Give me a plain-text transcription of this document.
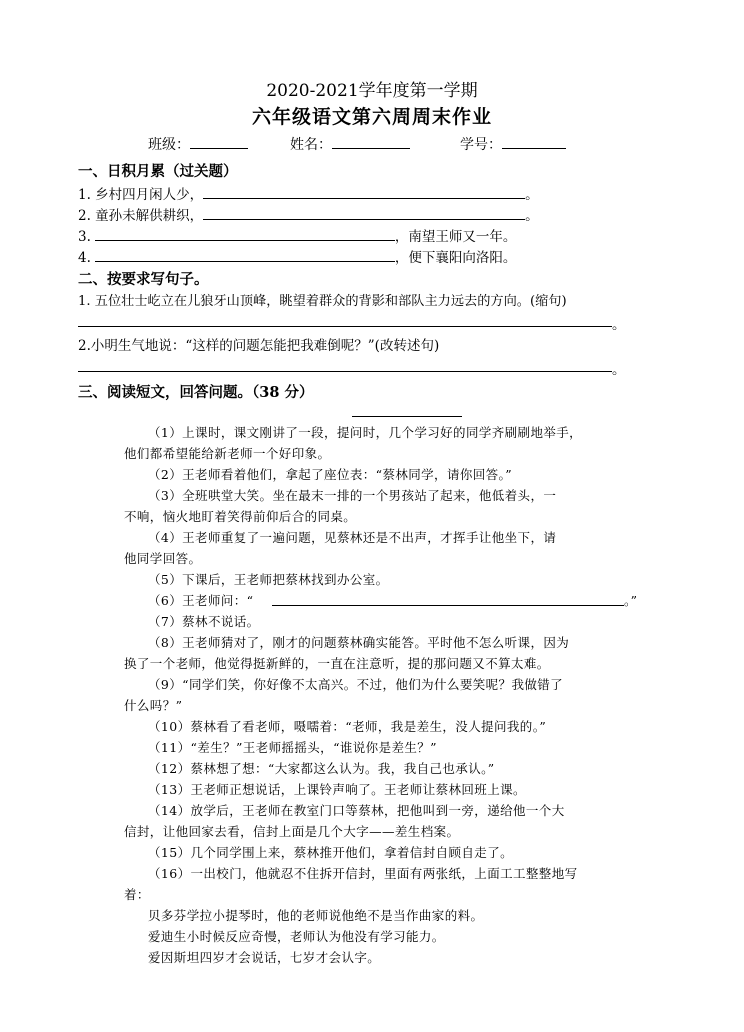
2020-2021学年度第一学期
六年级语文第六周周末作业
班级：	姓名：	学号：
一、日积月累（过关题）
1. 乡村四月闲人少，	。
2. 童孙未解供耕织，	。
3.	，南望王师又一年。
4.	，便下襄阳向洛阳。
二、按要求写句子。
1. 五位壮士屹立在儿狼牙山顶峰，眺望着群众的背影和部队主力远去的方向。(缩句)
。
2.小明生气地说：“这样的问题怎能把我难倒呢？”(改转述句)
。
三、阅读短文，回答问题。（38 分）
（1）上课时，课文刚讲了一段，提问时，几个学习好的同学齐刷刷地举手，
他们都希望能给新老师一个好印象。
（2）王老师看着他们，拿起了座位表：“蔡林同学，请你回答。”
（3）全班哄堂大笑。坐在最末一排的一个男孩站了起来，他低着头，一
不响，恼火地盯着笑得前仰后合的同桌。
（4）王老师重复了一遍问题，见蔡林还是不出声，才挥手让他坐下，请
他同学回答。
（5）下课后，王老师把蔡林找到办公室。
（6）王老师问：“	。”
（7）蔡林不说话。
（8）王老师猜对了，刚才的问题蔡林确实能答。平时他不怎么听课，因为
换了一个老师，他觉得挺新鲜的，一直在注意听，提的那问题又不算太难。
（9）“同学们笑，你好像不太高兴。不过，他们为什么要笑呢？我做错了
什么吗？”
（10）蔡林看了看老师，嗫嚅着：“老师，我是差生，没人提问我的。”
（11）“差生？”王老师摇摇头，“谁说你是差生？”
（12）蔡林想了想：“大家都这么认为。我，我自己也承认。”
（13）王老师正想说话，上课铃声响了。王老师让蔡林回班上课。
（14）放学后，王老师在教室门口等蔡林，把他叫到一旁，递给他一个大
信封，让他回家去看，信封上面是几个大字——差生档案。
（15）几个同学围上来，蔡林推开他们，拿着信封自顾自走了。
（16）一出校门，他就忍不住拆开信封，里面有两张纸，上面工工整整地写
着：
贝多芬学拉小提琴时，他的老师说他绝不是当作曲家的料。
爱迪生小时候反应奇慢，老师认为他没有学习能力。
爱因斯坦四岁才会说话，七岁才会认字。
